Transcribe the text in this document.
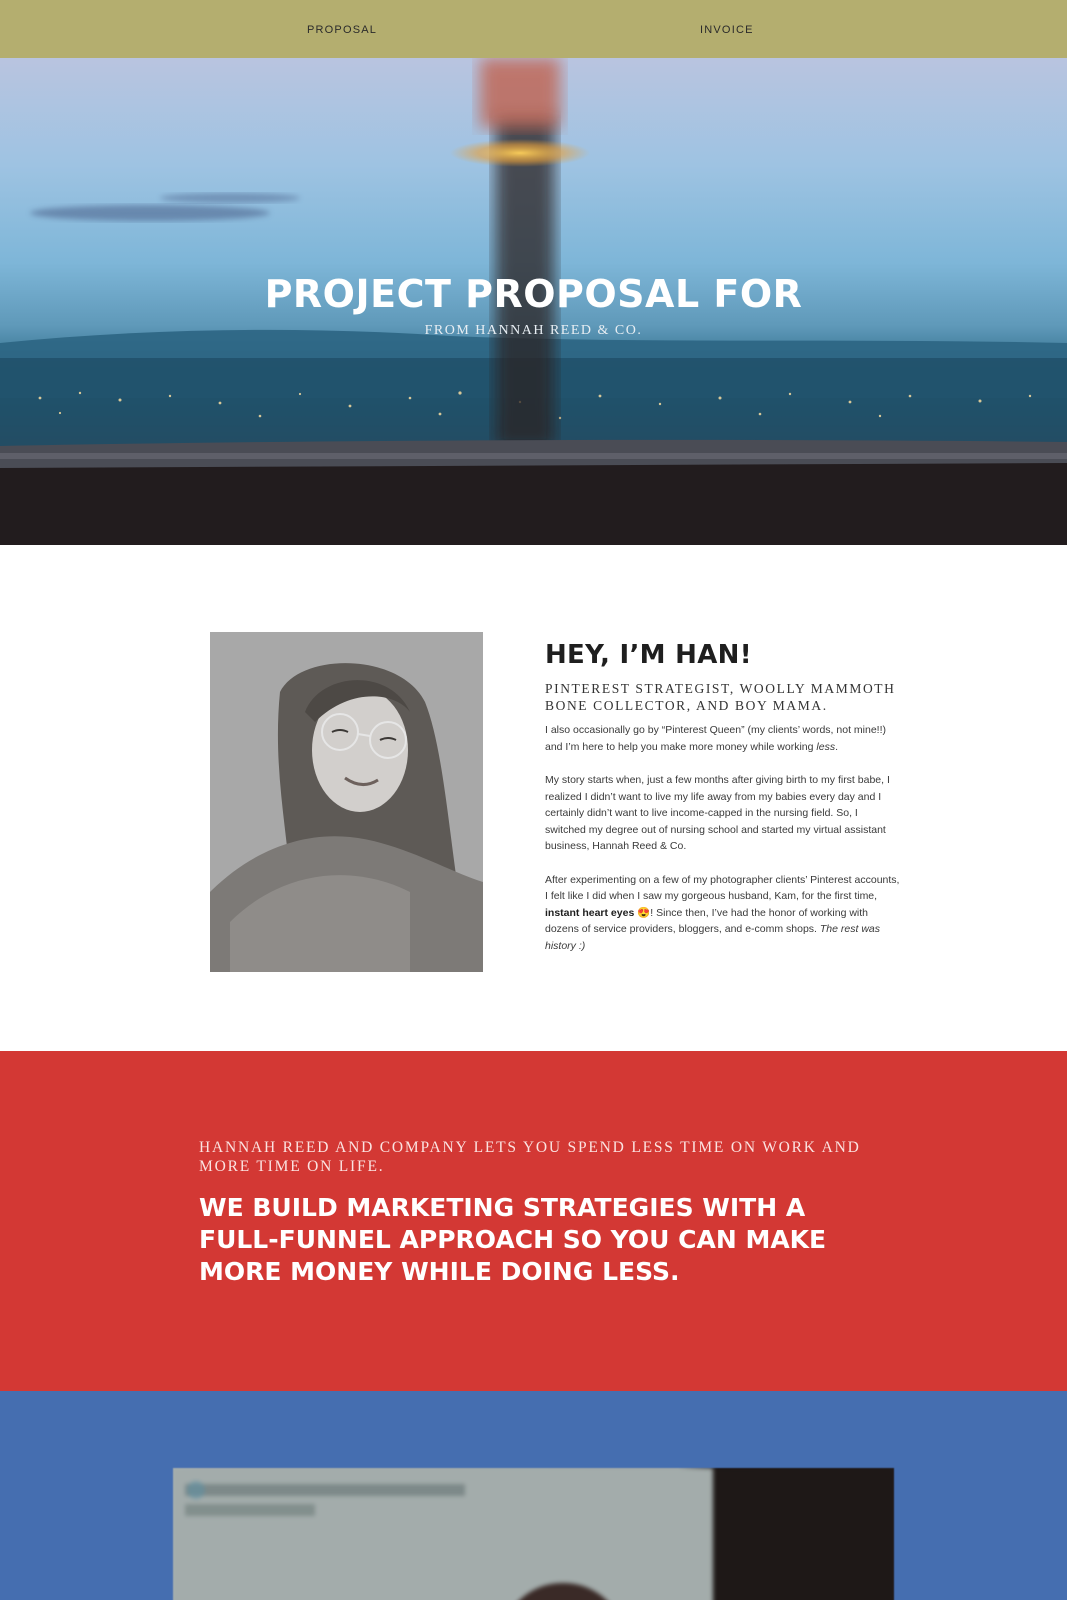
PROPOSAL	INVOICE
PROJECT PROPOSAL FOR

FROM HANNAH REED & CO.

HEY, I’M HAN!

PINTEREST STRATEGIST, WOOLLY MAMMOTH BONE COLLECTOR, AND BOY MAMA.

I also occasionally go by “Pinterest Queen” (my clients’ words, not mine!!) and I’m here to help you make more money while working less.

My story starts when, just a few months after giving birth to my first babe, I realized I didn’t want to live my life away from my babies every day and I certainly didn’t want to live income-capped in the nursing field. So, I switched my degree out of nursing school and started my virtual assistant business, Hannah Reed & Co.

After experimenting on a few of my photographer clients’ Pinterest accounts, I felt like I did when I saw my gorgeous husband, Kam, for the first time, instant heart eyes 😍! Since then, I’ve had the honor of working with dozens of service providers, bloggers, and e-comm shops. The rest was history :)

HANNAH REED AND COMPANY LETS YOU SPEND LESS TIME ON WORK AND MORE TIME ON LIFE.

WE BUILD MARKETING STRATEGIES WITH A FULL-FUNNEL APPROACH SO YOU CAN MAKE MORE MONEY WHILE DOING LESS.
